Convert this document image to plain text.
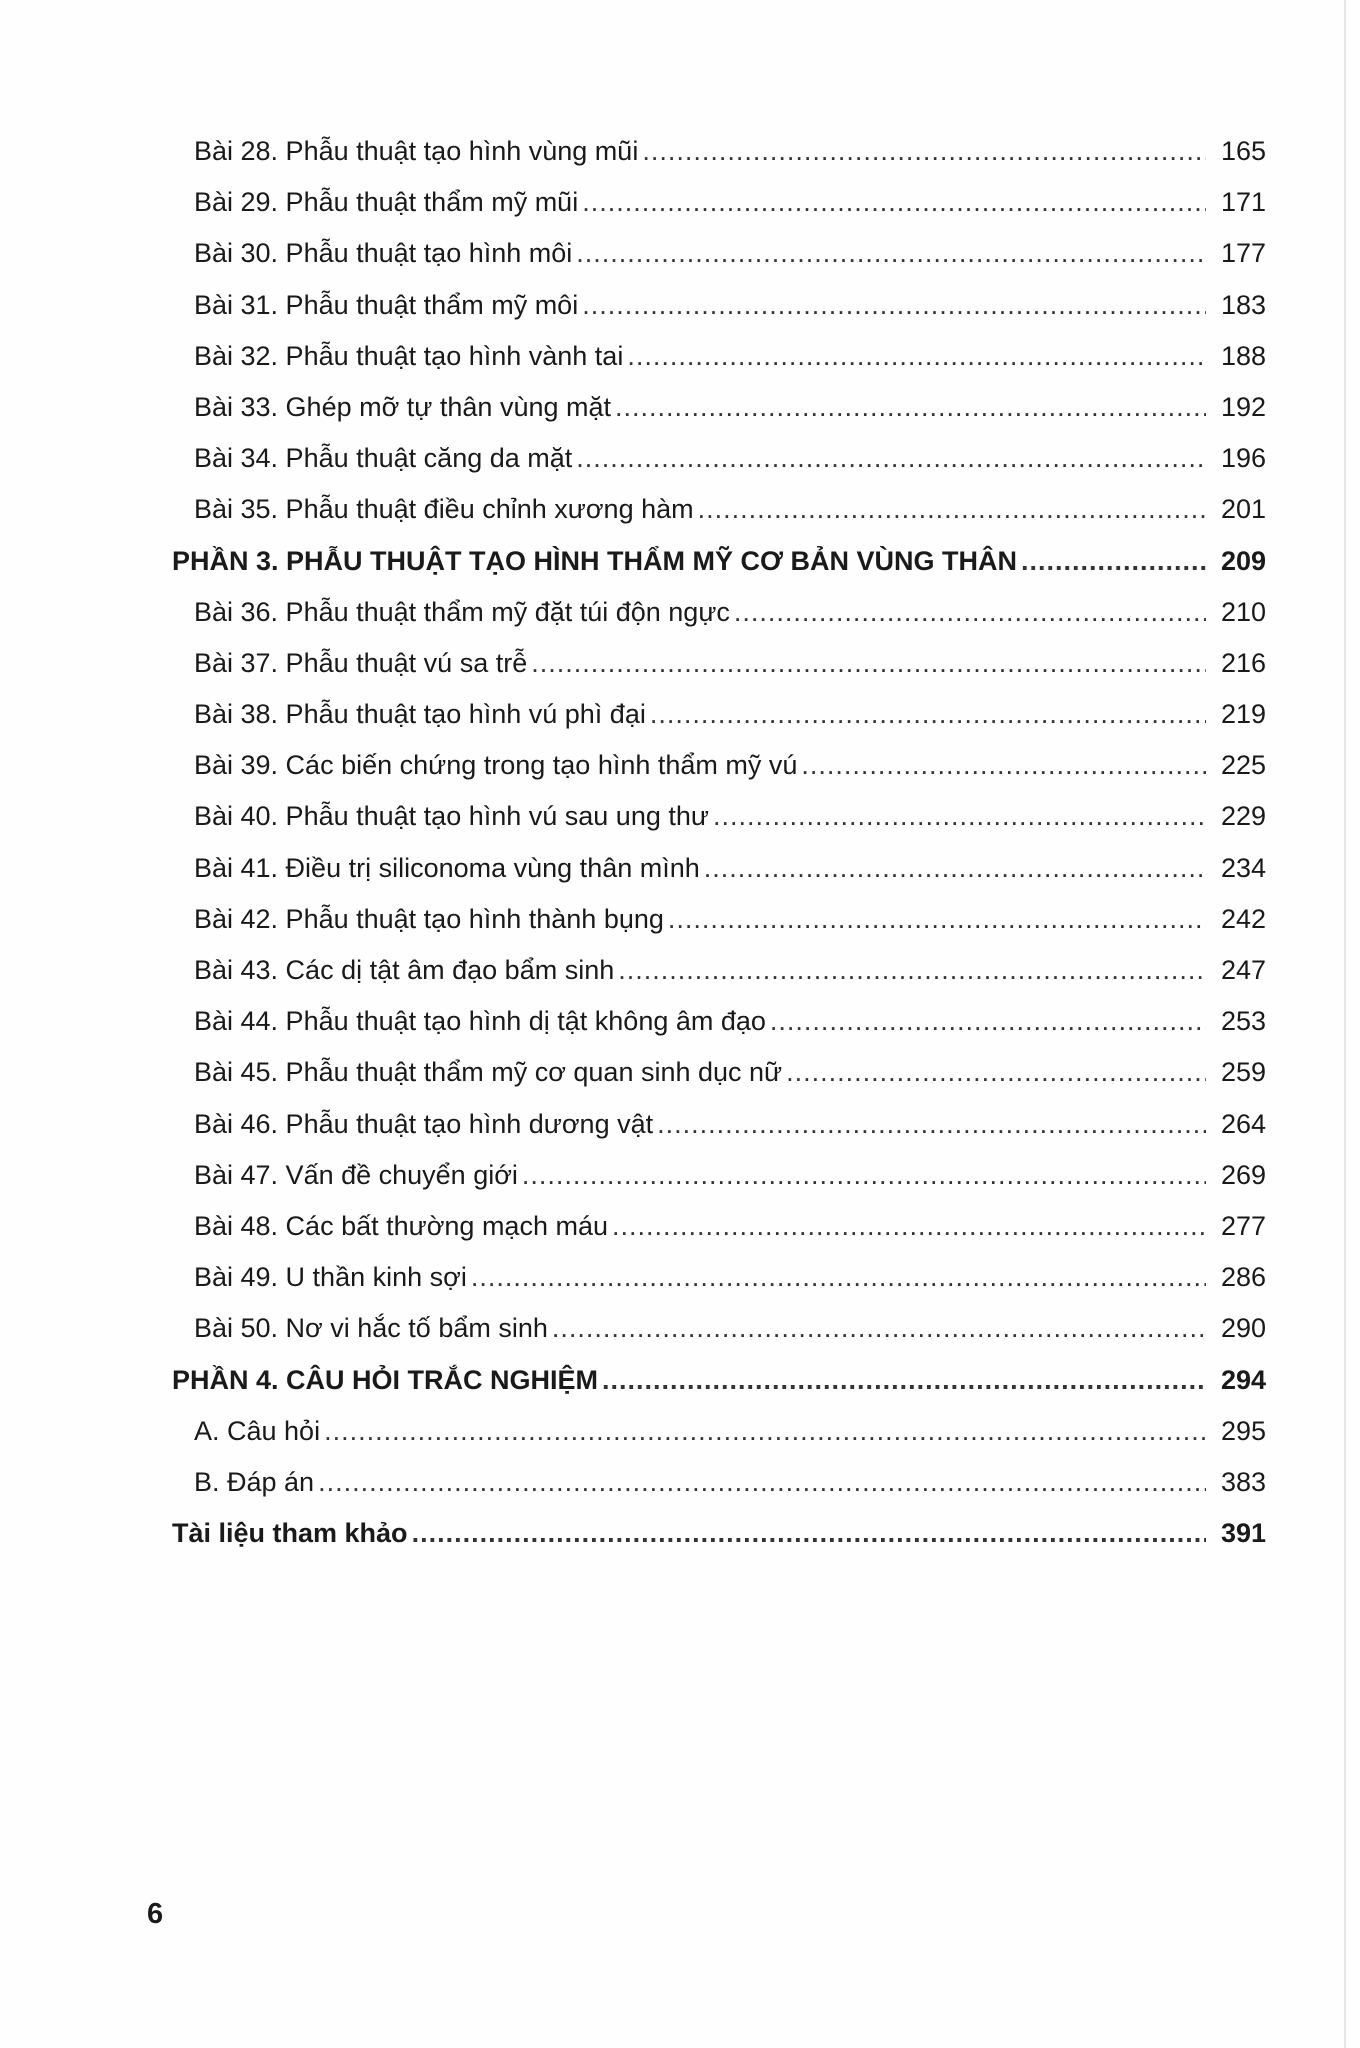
Bài 28. Phẫu thuật tạo hình vùng mũi .....	165
Bài 29. Phẫu thuật thẩm mỹ mũi .....	171
Bài 30. Phẫu thuật tạo hình môi .....	177
Bài 31. Phẫu thuật thẩm mỹ môi .....	183
Bài 32. Phẫu thuật tạo hình vành tai .....	188
Bài 33. Ghép mỡ tự thân vùng mặt .....	192
Bài 34. Phẫu thuật căng da mặt .....	196
Bài 35. Phẫu thuật điều chỉnh xương hàm .....	201
PHẦN 3. PHẪU THUẬT TẠO HÌNH THẨM MỸ CƠ BẢN VÙNG THÂN .....	209
Bài 36. Phẫu thuật thẩm mỹ đặt túi độn ngực .....	210
Bài 37. Phẫu thuật vú sa trễ .....	216
Bài 38. Phẫu thuật tạo hình vú phì đại .....	219
Bài 39. Các biến chứng trong tạo hình thẩm mỹ vú .....	225
Bài 40. Phẫu thuật tạo hình vú sau ung thư .....	229
Bài 41. Điều trị siliconoma vùng thân mình .....	234
Bài 42. Phẫu thuật tạo hình thành bụng .....	242
Bài 43. Các dị tật âm đạo bẩm sinh .....	247
Bài 44. Phẫu thuật tạo hình dị tật không âm đạo .....	253
Bài 45. Phẫu thuật thẩm mỹ cơ quan sinh dục nữ .....	259
Bài 46. Phẫu thuật tạo hình dương vật .....	264
Bài 47. Vấn đề chuyển giới .....	269
Bài 48. Các bất thường mạch máu .....	277
Bài 49. U thần kinh sợi .....	286
Bài 50. Nơ vi hắc tố bẩm sinh .....	290
PHẦN 4. CÂU HỎI TRẮC NGHIỆM .....	294
A. Câu hỏi .....	295
B. Đáp án .....	383
Tài liệu tham khảo .....	391
6
